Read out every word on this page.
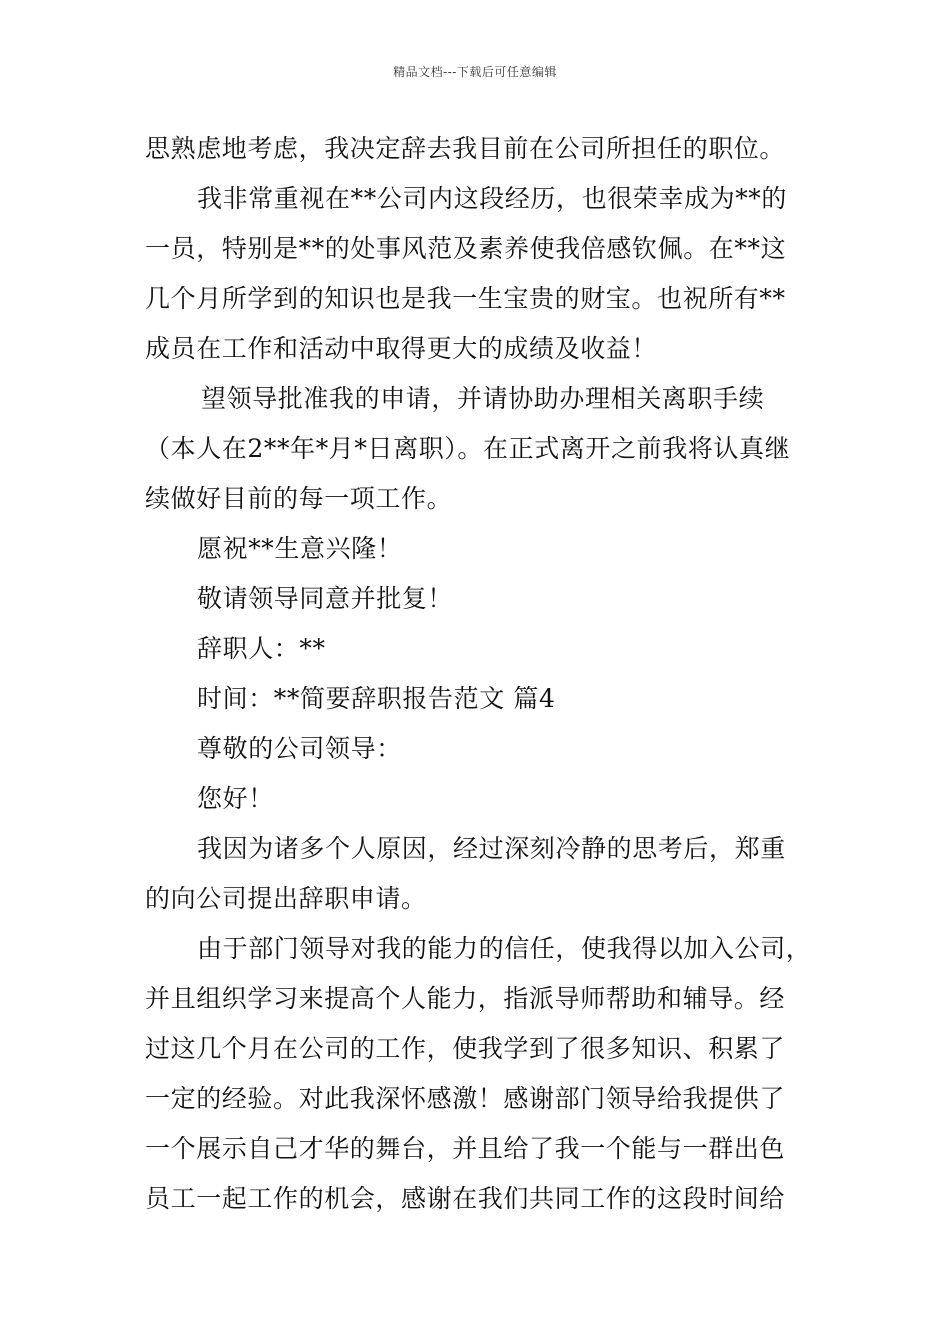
精品文档---下载后可任意编辑
思熟虑地考虑，我决定辞去我目前在公司所担任的职位。
我非常重视在**公司内这段经历，也很荣幸成为**的
一员，特别是**的处事风范及素养使我倍感钦佩。在**这
几个月所学到的知识也是我一生宝贵的财宝。也祝所有**
成员在工作和活动中取得更大的成绩及收益！
望领导批准我的申请，并请协助办理相关离职手续
（本人在2**年*月*日离职）。在正式离开之前我将认真继
续做好目前的每一项工作。
愿祝**生意兴隆！
敬请领导同意并批复！
辞职人：**
时间：**简要辞职报告范文 篇4
尊敬的公司领导：
您好！
我因为诸多个人原因，经过深刻冷静的思考后，郑重
的向公司提出辞职申请。
由于部门领导对我的能力的信任，使我得以加入公司，
并且组织学习来提高个人能力，指派导师帮助和辅导。经
过这几个月在公司的工作，使我学到了很多知识、积累了
一定的经验。对此我深怀感激！感谢部门领导给我提供了
一个展示自己才华的舞台，并且给了我一个能与一群出色
员工一起工作的机会，感谢在我们共同工作的这段时间给
